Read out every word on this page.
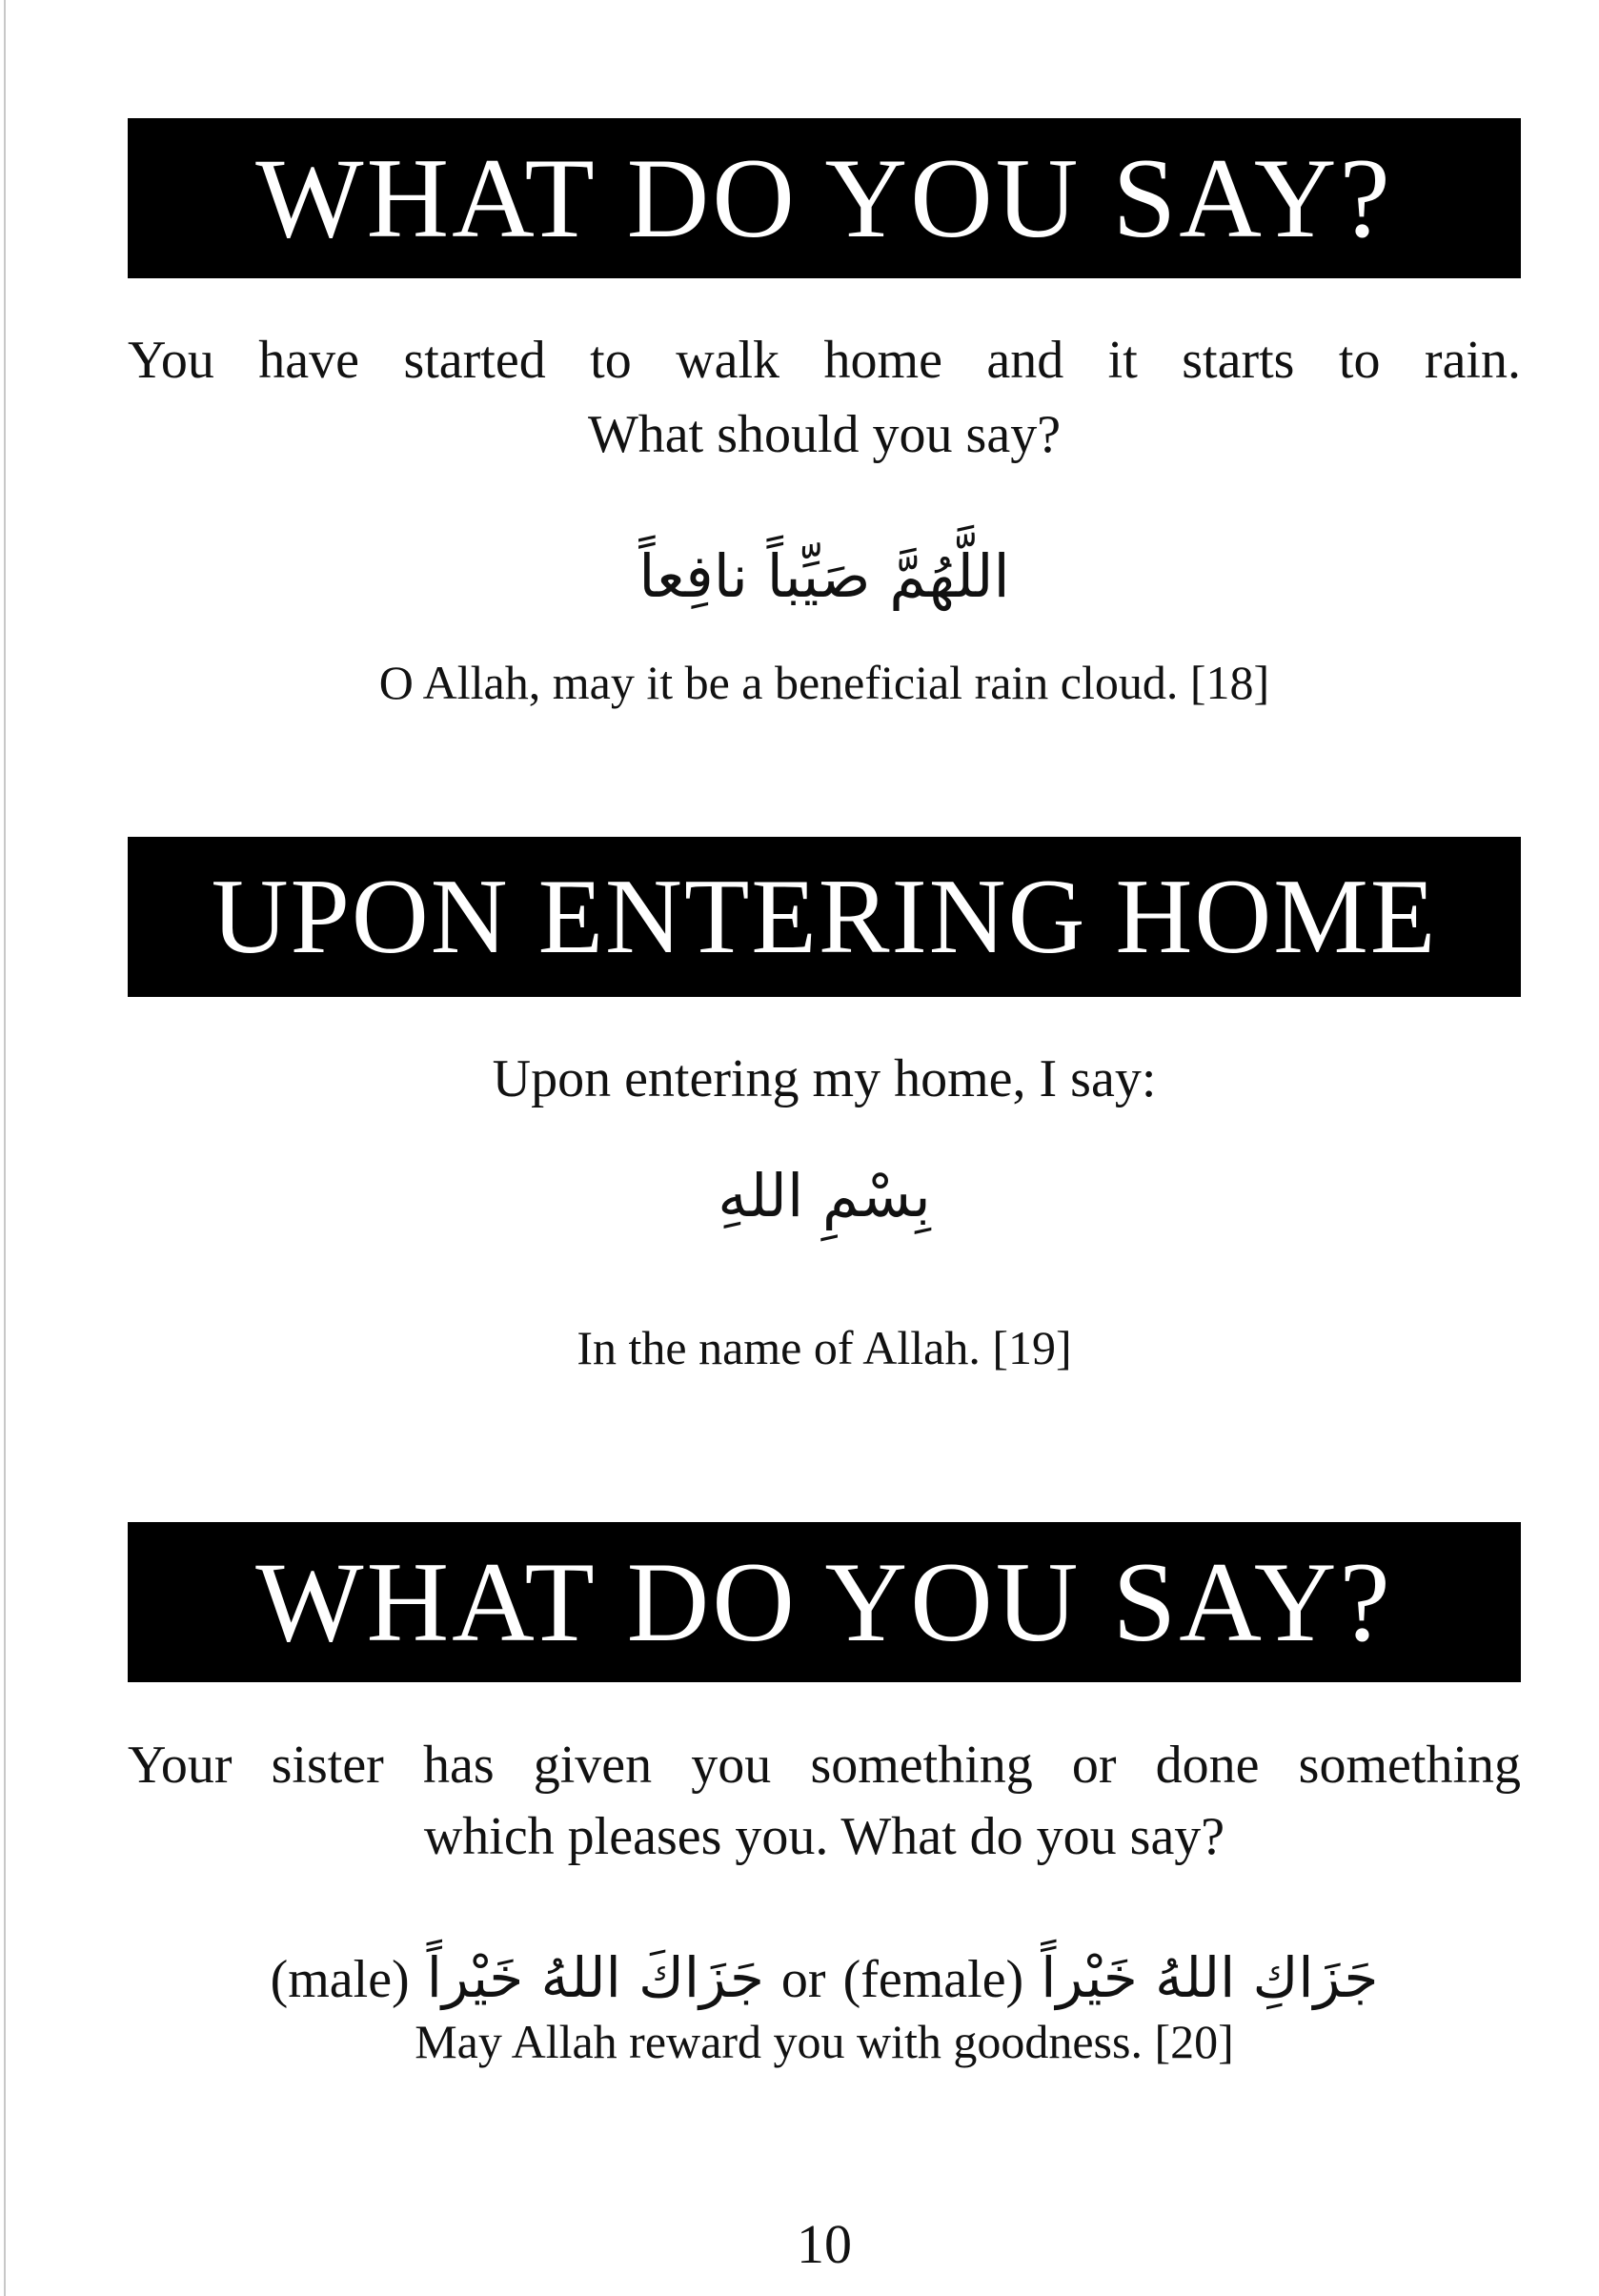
WHAT DO YOU SAY?
You have started to walk home and it starts to rain.
What should you say?
اللَّهُمَّ صَيِّباً نافِعاً
O Allah, may it be a beneficial rain cloud. [18]
UPON ENTERING HOME
Upon entering my home, I say:
بِسْمِ اللهِ
In the name of Allah. [19]
WHAT DO YOU SAY?
Your sister has given you something or done something
which pleases you. What do you say?
(male) جَزَاكَ اللهُ خَيْراً or (female) جَزَاكِ اللهُ خَيْراً
May Allah reward you with goodness. [20]
10
